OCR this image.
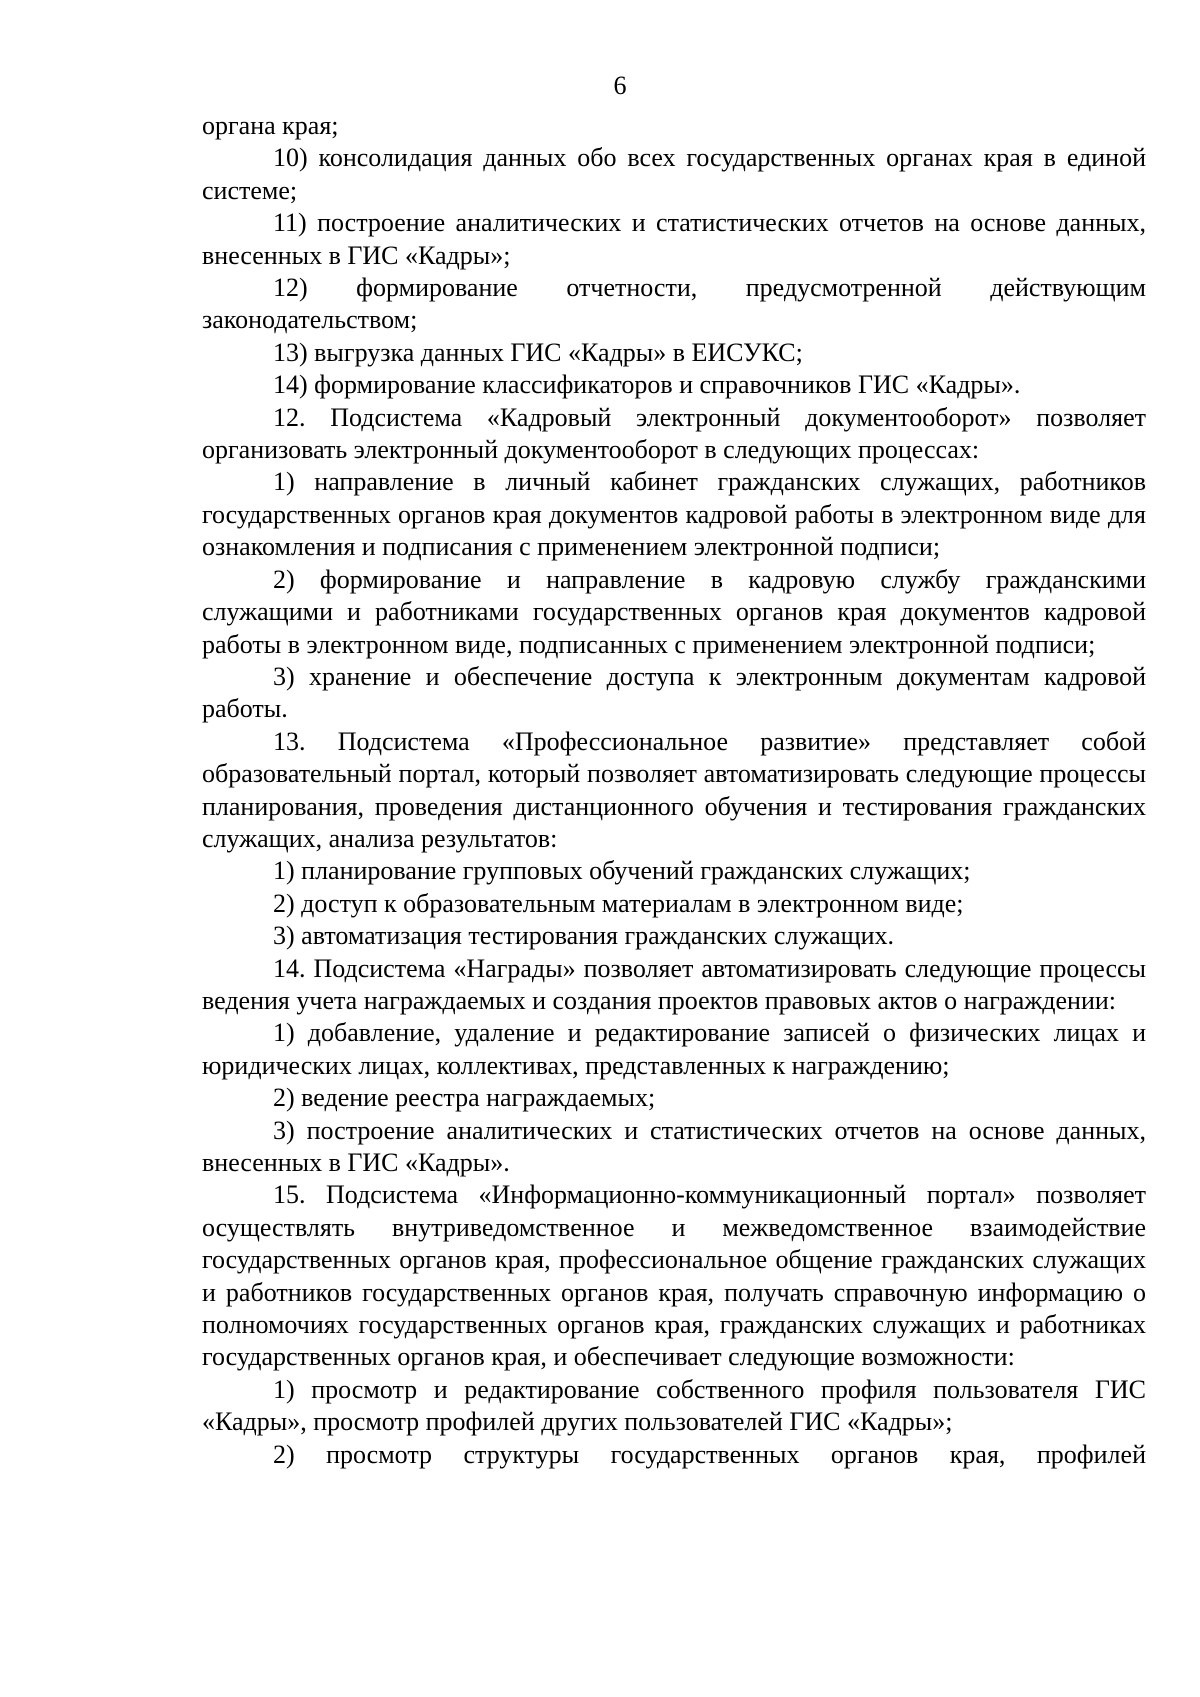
6

органа края;

10) консолидация данных обо всех государственных органах края в единой системе;

11) построение аналитических и статистических отчетов на основе данных, внесенных в ГИС «Кадры»;

12) формирование отчетности, предусмотренной действующим законодательством;

13) выгрузка данных ГИС «Кадры» в ЕИСУКС;

14) формирование классификаторов и справочников ГИС «Кадры».

12. Подсистема «Кадровый электронный документооборот» позволяет организовать электронный документооборот в следующих процессах:

1) направление в личный кабинет гражданских служащих, работников государственных органов края документов кадровой работы в электронном виде для ознакомления и подписания с применением электронной подписи;

2) формирование и направление в кадровую службу гражданскими служащими и работниками государственных органов края документов кадровой работы в электронном виде, подписанных с применением электронной подписи;

3) хранение и обеспечение доступа к электронным документам кадровой работы.

13. Подсистема «Профессиональное развитие» представляет собой образовательный портал, который позволяет автоматизировать следующие процессы планирования, проведения дистанционного обучения и тестирования гражданских служащих, анализа результатов:

1) планирование групповых обучений гражданских служащих;

2) доступ к образовательным материалам в электронном виде;

3) автоматизация тестирования гражданских служащих.

14. Подсистема «Награды» позволяет автоматизировать следующие процессы ведения учета награждаемых и создания проектов правовых актов о награждении:

1) добавление, удаление и редактирование записей о физических лицах и юридических лицах, коллективах, представленных к награждению;

2) ведение реестра награждаемых;

3) построение аналитических и статистических отчетов на основе данных, внесенных в ГИС «Кадры».

15. Подсистема «Информационно-коммуникационный портал» позволяет осуществлять внутриведомственное и межведомственное взаимодействие государственных органов края, профессиональное общение гражданских служащих и работников государственных органов края, получать справочную информацию о полномочиях государственных органов края, гражданских служащих и работниках государственных органов края, и обеспечивает следующие возможности:

1) просмотр и редактирование собственного профиля пользователя ГИС «Кадры», просмотр профилей других пользователей ГИС «Кадры»;

2) просмотр структуры государственных органов края, профилей
